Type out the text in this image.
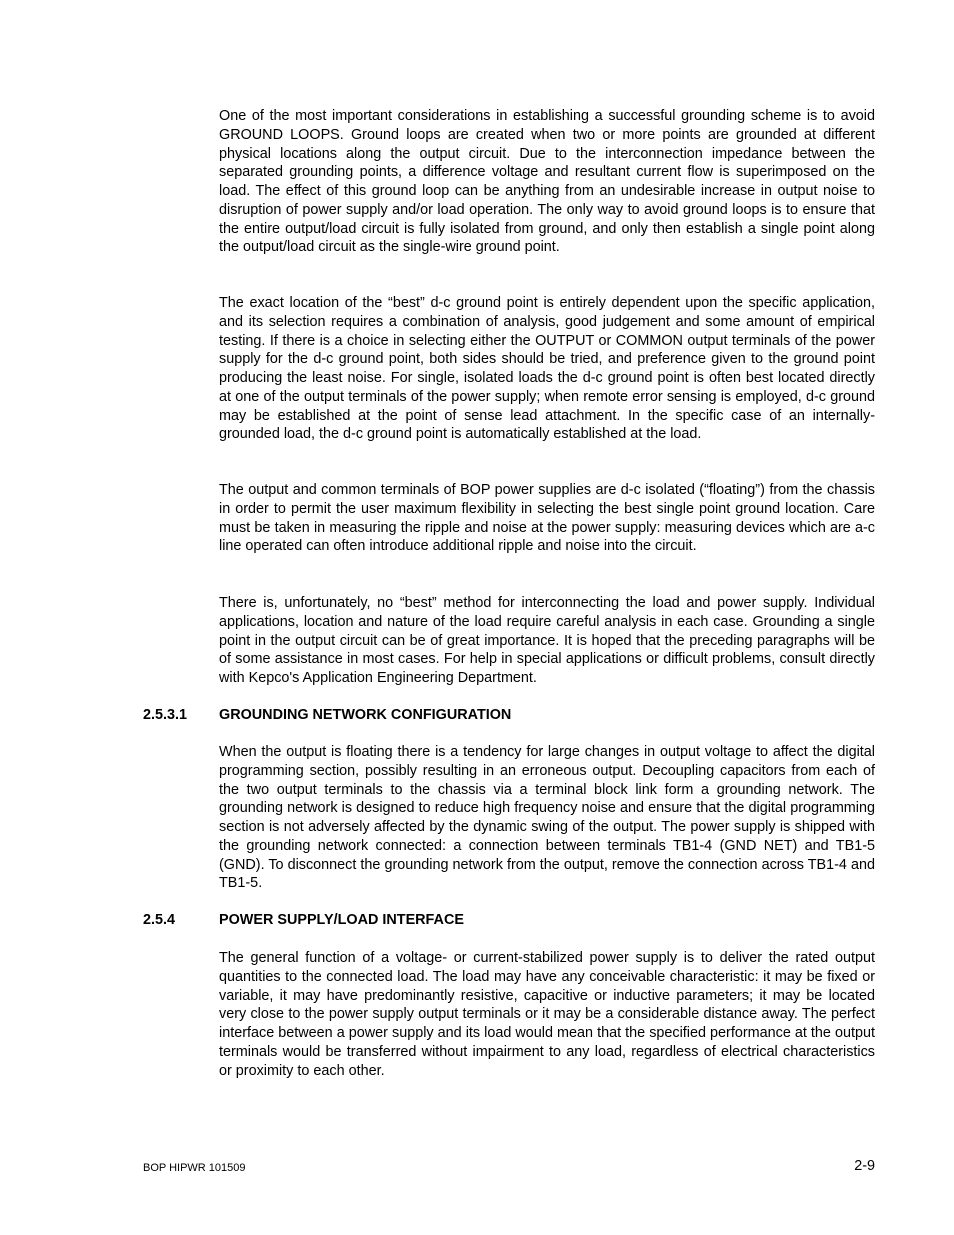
One of the most important considerations in establishing a successful grounding scheme is to avoid GROUND LOOPS. Ground loops are created when two or more points are grounded at different physical locations along the output circuit. Due to the interconnection impedance between the separated grounding points, a difference voltage and resultant current flow is superimposed on the load. The effect of this ground loop can be anything from an undesirable increase in output noise to disruption of power supply and/or load operation. The only way to avoid ground loops is to ensure that the entire output/load circuit is fully isolated from ground, and only then establish a single point along the output/load circuit as the single-wire ground point.

The exact location of the “best” d-c ground point is entirely dependent upon the specific application, and its selection requires a combination of analysis, good judgement and some amount of empirical testing. If there is a choice in selecting either the OUTPUT or COMMON output terminals of the power supply for the d-c ground point, both sides should be tried, and preference given to the ground point producing the least noise. For single, isolated loads the d-c ground point is often best located directly at one of the output terminals of the power supply; when remote error sensing is employed, d-c ground may be established at the point of sense lead attachment. In the specific case of an internally-grounded load, the d-c ground point is automatically established at the load.

The output and common terminals of BOP power supplies are d-c isolated (“floating”) from the chassis in order to permit the user maximum flexibility in selecting the best single point ground location. Care must be taken in measuring the ripple and noise at the power supply: measuring devices which are a-c line operated can often introduce additional ripple and noise into the circuit.

There is, unfortunately, no “best” method for interconnecting the load and power supply. Individual applications, location and nature of the load require careful analysis in each case. Grounding a single point in the output circuit can be of great importance. It is hoped that the preceding paragraphs will be of some assistance in most cases. For help in special applications or difficult problems, consult directly with Kepco's Application Engineering Department.

2.5.3.1 GROUNDING NETWORK CONFIGURATION

When the output is floating there is a tendency for large changes in output voltage to affect the digital programming section, possibly resulting in an erroneous output. Decoupling capacitors from each of the two output terminals to the chassis via a terminal block link form a grounding network. The grounding network is designed to reduce high frequency noise and ensure that the digital programming section is not adversely affected by the dynamic swing of the output. The power supply is shipped with the grounding network connected: a connection between terminals TB1-4 (GND NET) and TB1-5 (GND). To disconnect the grounding network from the output, remove the connection across TB1-4 and TB1-5.

2.5.4	POWER SUPPLY/LOAD INTERFACE

The general function of a voltage- or current-stabilized power supply is to deliver the rated output quantities to the connected load. The load may have any conceivable characteristic: it may be fixed or variable, it may have predominantly resistive, capacitive or inductive parameters; it may be located very close to the power supply output terminals or it may be a considerable distance away. The perfect interface between a power supply and its load would mean that the specified performance at the output terminals would be transferred without impairment to any load, regardless of electrical characteristics or proximity to each other.

BOP HIPWR 101509	2-9
